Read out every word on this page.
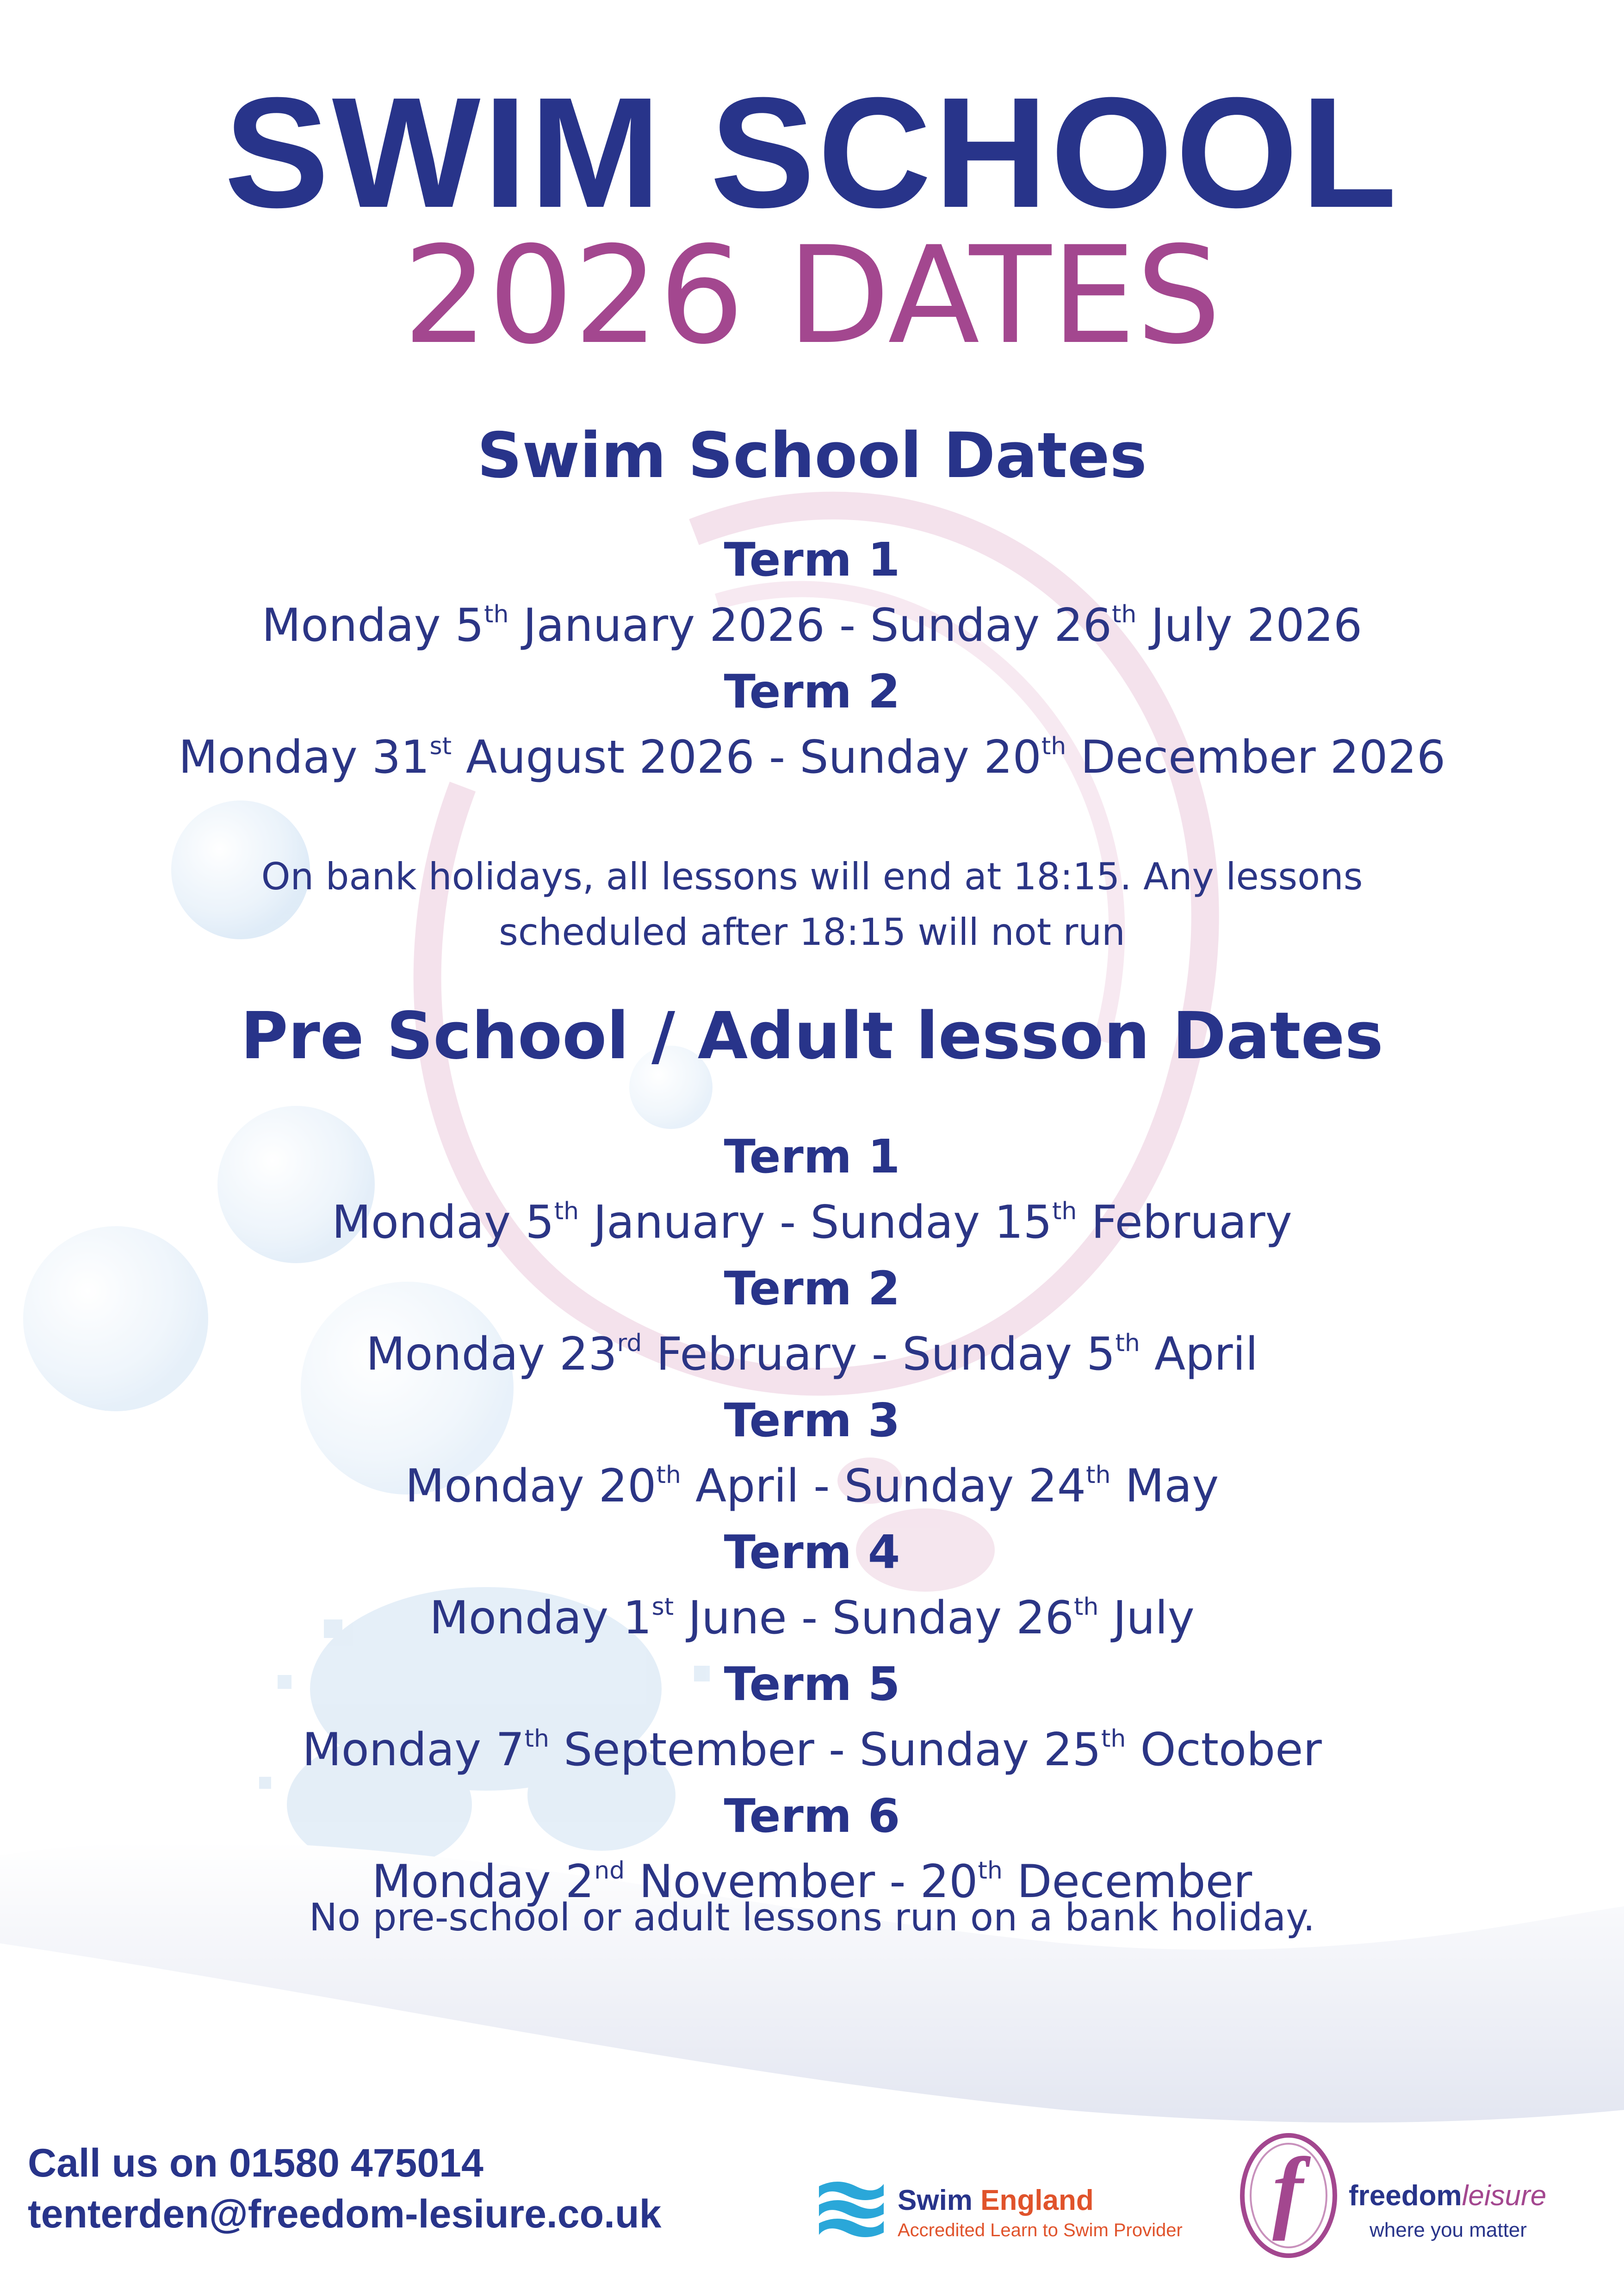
SWIM SCHOOL
2026 DATES
Swim School Dates
Term 1
Monday 5th January 2026 - Sunday 26th July 2026
Term 2
Monday 31st August 2026 - Sunday 20th December 2026
On bank holidays, all lessons will end at 18:15. Any lessons
scheduled after 18:15 will not run
Pre School / Adult lesson Dates
Term 1
Monday 5th January - Sunday 15th February
Term 2
Monday 23rd February - Sunday 5th April
Term 3
Monday 20th April - Sunday 24th May
Term 4
Monday 1st June - Sunday 26th July
Term 5
Monday 7th September - Sunday 25th October
Term 6
Monday 2nd November - 20th December
No pre-school or adult lessons run on a bank holiday.
Call us on 01580 475014
tenterden@freedom-lesiure.co.uk	Swim England
Accredited Learn to Swim Provider f freedomleisure
where you matter
